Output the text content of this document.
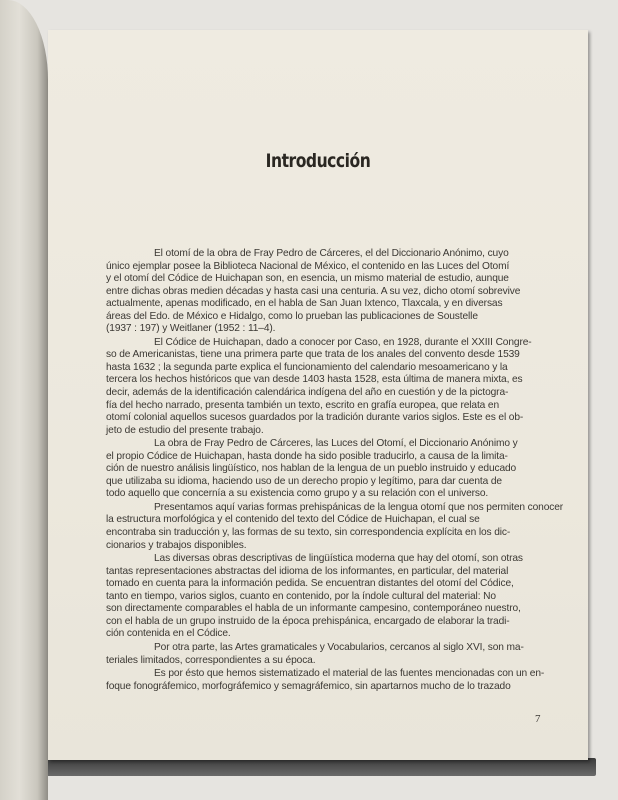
Introducción

El otomí de la obra de Fray Pedro de Cárceres, el del Diccionario Anónimo, cuyo
único ejemplar posee la Biblioteca Nacional de México, el contenido en las Luces del Otomí
y el otomí del Códice de Huichapan son, en esencia, un mismo material de estudio, aunque
entre dichas obras medien décadas y hasta casi una centuria. A su vez, dicho otomí sobrevive
actualmente, apenas modificado, en el habla de San Juan Ixtenco, Tlaxcala, y en diversas
áreas del Edo. de México e Hidalgo, como lo prueban las publicaciones de Soustelle
(1937 : 197) y Weitlaner (1952 : 11–4).

El Códice de Huichapan, dado a conocer por Caso, en 1928, durante el XXIII Congre-
so de Americanistas, tiene una primera parte que trata de los anales del convento desde 1539
hasta 1632 ; la segunda parte explica el funcionamiento del calendario mesoamericano y la
tercera los hechos históricos que van desde 1403 hasta 1528, esta última de manera mixta, es
decir, además de la identificación calendárica indígena del año en cuestión y de la pictogra-
fía del hecho narrado, presenta también un texto, escrito en grafía europea, que relata en
otomí colonial aquellos sucesos guardados por la tradición durante varios siglos. Este es el ob-
jeto de estudio del presente trabajo.

La obra de Fray Pedro de Cárceres, las Luces del Otomí, el Diccionario Anónimo y
el propio Códice de Huichapan, hasta donde ha sido posible traducirlo, a causa de la limita-
ción de nuestro análisis lingüístico, nos hablan de la lengua de un pueblo instruido y educado
que utilizaba su idioma, haciendo uso de un derecho propio y legítimo, para dar cuenta de
todo aquello que concernía a su existencia como grupo y a su relación con el universo.

Presentamos aquí varias formas prehispánicas de la lengua otomí que nos permiten conocer
la estructura morfológica y el contenido del texto del Códice de Huichapan, el cual se
encontraba sin traducción y, las formas de su texto, sin correspondencia explícita en los dic-
cionarios y trabajos disponibles.

Las diversas obras descriptivas de lingüística moderna que hay del otomí, son otras
tantas representaciones abstractas del idioma de los informantes, en particular, del material
tomado en cuenta para la información pedida. Se encuentran distantes del otomí del Códice,
tanto en tiempo, varios siglos, cuanto en contenido, por la índole cultural del material: No
son directamente comparables el habla de un informante campesino, contemporáneo nuestro,
con el habla de un grupo instruido de la época prehispánica, encargado de elaborar la tradi-
ción contenida en el Códice.

Por otra parte, las Artes gramaticales y Vocabularios, cercanos al siglo XVI, son ma-
teriales limitados, correspondientes a su época.

Es por ésto que hemos sistematizado el material de las fuentes mencionadas con un en-
foque fonográfemico, morfográfemico y semagráfemico, sin apartarnos mucho de lo trazado

7
